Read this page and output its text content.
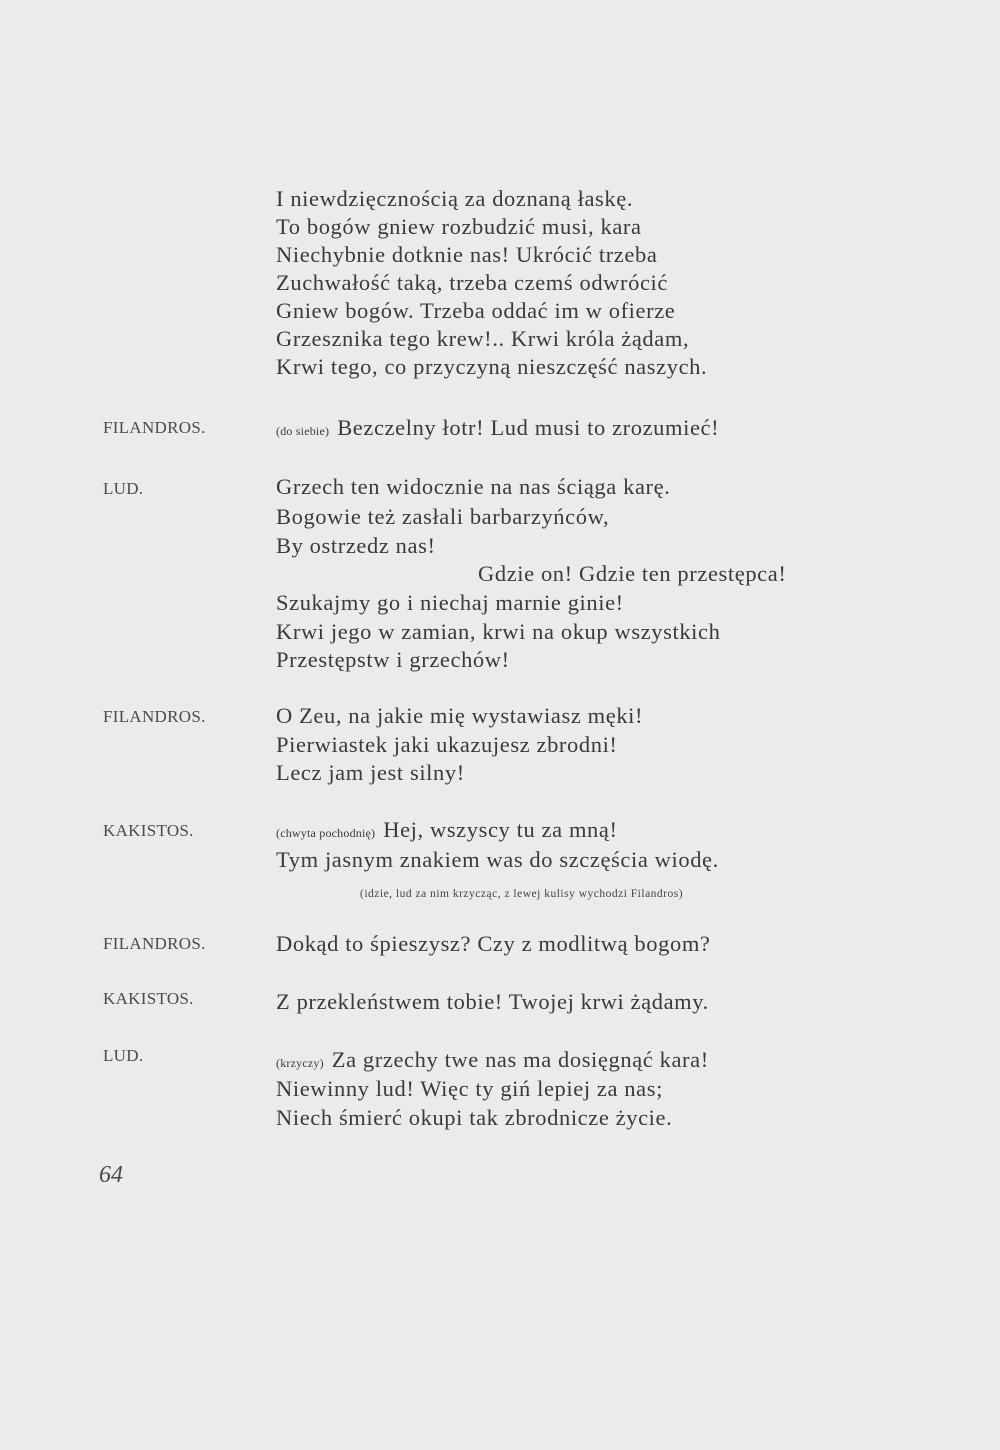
I niewdzięcznością za doznaną łaskę.
To bogów gniew rozbudzić musi, kara
Niechybnie dotknie nas! Ukrócić trzeba
Zuchwałość taką, trzeba czemś odwrócić
Gniew bogów. Trzeba oddać im w ofierze
Grzesznika tego krew!.. Krwi króla żądam,
Krwi tego, co przyczyną nieszczęść naszych.
FILANDROS.	(do siebie) Bezczelny łotr! Lud musi to zrozumieć!
LUD.	Grzech ten widocznie na nas ściąga karę.
Bogowie też zasłali barbarzyńców,
By ostrzedz nas!
Gdzie on! Gdzie ten przestępca!
Szukajmy go i niechaj marnie ginie!
Krwi jego w zamian, krwi na okup wszystkich
Przestępstw i grzechów!
FILANDROS.	O Zeu, na jakie mię wystawiasz męki!
Pierwiastek jaki ukazujesz zbrodni!
Lecz jam jest silny!
KAKISTOS.	(chwyta pochodnię) Hej, wszyscy tu za mną!
Tym jasnym znakiem was do szczęścia wiodę.
(idzie, lud za nim krzycząc, z lewej kulisy wychodzi Filandros)
FILANDROS.	Dokąd to śpieszysz? Czy z modlitwą bogom?
KAKISTOS.	Z przekleństwem tobie! Twojej krwi żądamy.
LUD.	(krzyczy) Za grzechy twe nas ma dosięgnąć kara!
Niewinny lud! Więc ty giń lepiej za nas;
Niech śmierć okupi tak zbrodnicze życie.
64
